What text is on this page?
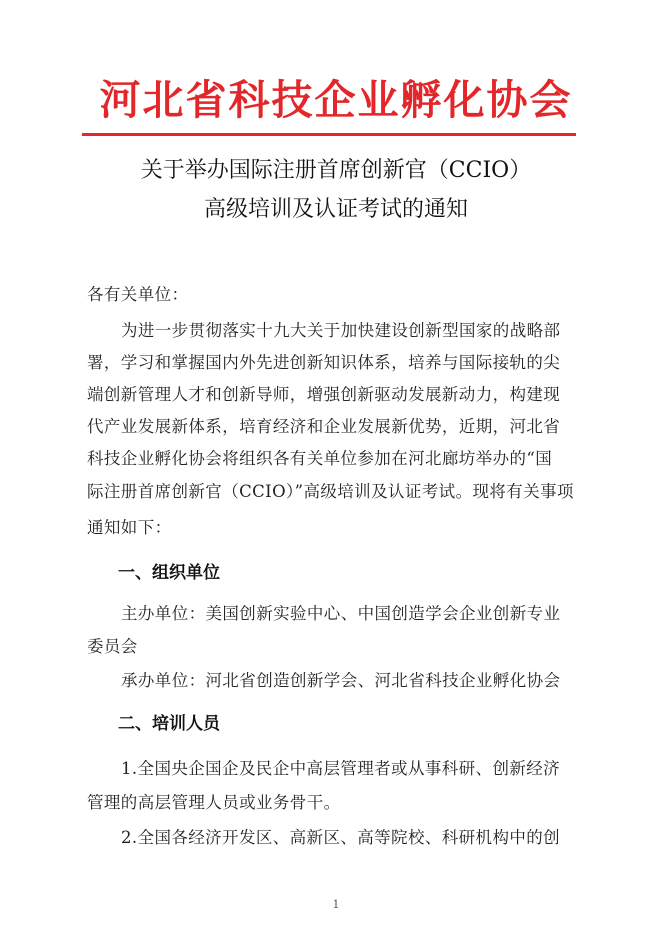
河北省科技企业孵化协会
关于举办国际注册首席创新官（CCIO）
高级培训及认证考试的通知
各有关单位：
为进一步贯彻落实十九大关于加快建设创新型国家的战略部
署，学习和掌握国内外先进创新知识体系，培养与国际接轨的尖
端创新管理人才和创新导师，增强创新驱动发展新动力，构建现
代产业发展新体系，培育经济和企业发展新优势，近期，河北省
科技企业孵化协会将组织各有关单位参加在河北廊坊举办的“国
际注册首席创新官（CCIO）”高级培训及认证考试。现将有关事项
通知如下：
一、组织单位
主办单位：美国创新实验中心、中国创造学会企业创新专业
委员会
承办单位：河北省创造创新学会、河北省科技企业孵化协会
二、培训人员
1.全国央企国企及民企中高层管理者或从事科研、创新经济
管理的高层管理人员或业务骨干。
2.全国各经济开发区、高新区、高等院校、科研机构中的创
1
